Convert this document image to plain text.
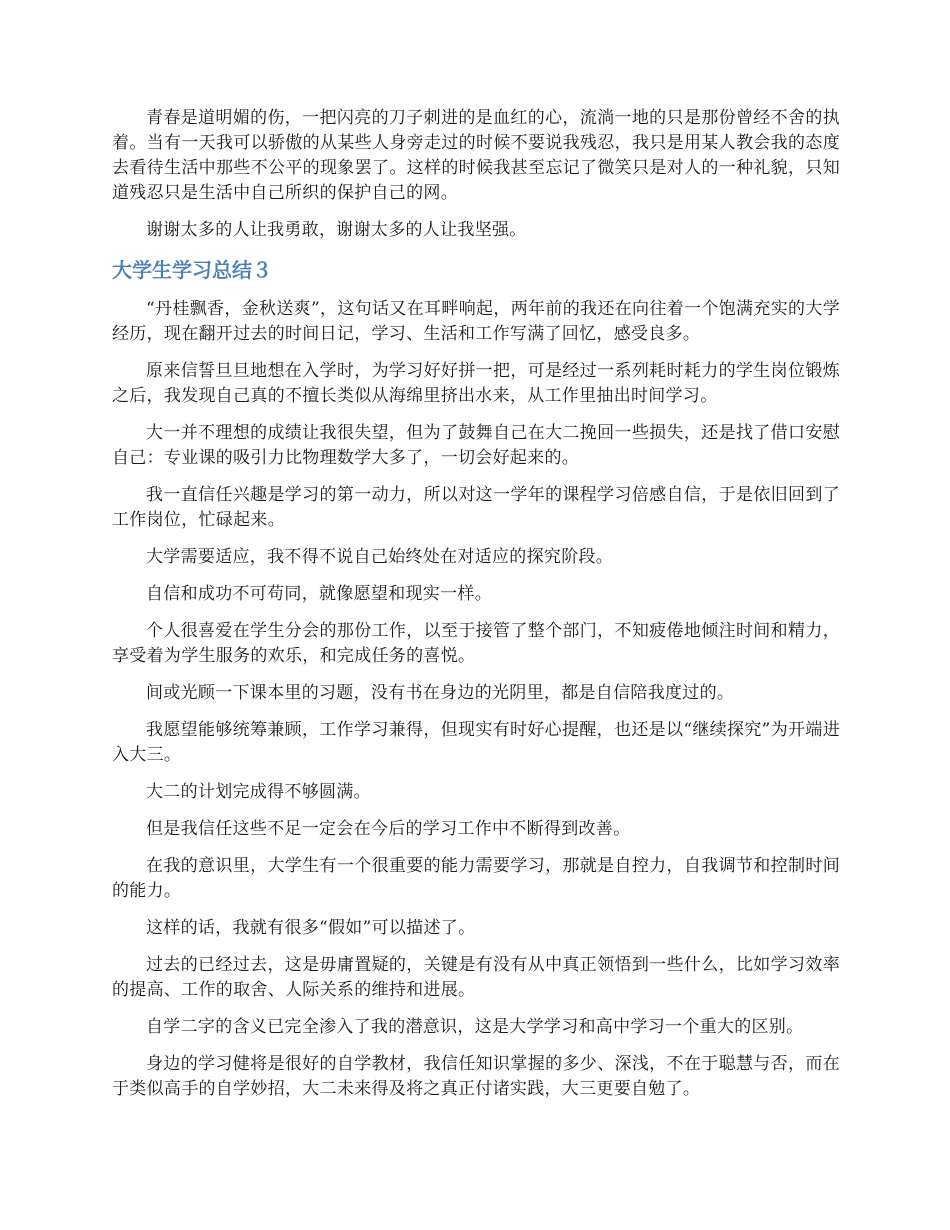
青春是道明媚的伤，一把闪亮的刀子刺进的是血红的心，流淌一地的只是那份曾经不舍的执着。当有一天我可以骄傲的从某些人身旁走过的时候不要说我残忍，我只是用某人教会我的态度去看待生活中那些不公平的现象罢了。这样的时候我甚至忘记了微笑只是对人的一种礼貌，只知道残忍只是生活中自己所织的保护自己的网。

谢谢太多的人让我勇敢，谢谢太多的人让我坚强。

大学生学习总结３

“丹桂飘香，金秋送爽”，这句话又在耳畔响起，两年前的我还在向往着一个饱满充实的大学经历，现在翻开过去的时间日记，学习、生活和工作写满了回忆，感受良多。

原来信誓旦旦地想在入学时，为学习好好拼一把，可是经过一系列耗时耗力的学生岗位锻炼之后，我发现自己真的不擅长类似从海绵里挤出水来，从工作里抽出时间学习。

大一并不理想的成绩让我很失望，但为了鼓舞自己在大二挽回一些损失，还是找了借口安慰自己：专业课的吸引力比物理数学大多了，一切会好起来的。

我一直信任兴趣是学习的第一动力，所以对这一学年的课程学习倍感自信，于是依旧回到了工作岗位，忙碌起来。

大学需要适应，我不得不说自己始终处在对适应的探究阶段。

自信和成功不可苟同，就像愿望和现实一样。

个人很喜爱在学生分会的那份工作，以至于接管了整个部门，不知疲倦地倾注时间和精力，享受着为学生服务的欢乐，和完成任务的喜悦。

间或光顾一下课本里的习题，没有书在身边的光阴里，都是自信陪我度过的。

我愿望能够统筹兼顾，工作学习兼得，但现实有时好心提醒，也还是以“继续探究”为开端进入大三。

大二的计划完成得不够圆满。

但是我信任这些不足一定会在今后的学习工作中不断得到改善。

在我的意识里，大学生有一个很重要的能力需要学习，那就是自控力，自我调节和控制时间的能力。

这样的话，我就有很多“假如”可以描述了。

过去的已经过去，这是毋庸置疑的，关键是有没有从中真正领悟到一些什么，比如学习效率的提高、工作的取舍、人际关系的维持和进展。

自学二字的含义已完全渗入了我的潜意识，这是大学学习和高中学习一个重大的区别。

身边的学习健将是很好的自学教材，我信任知识掌握的多少、深浅，不在于聪慧与否，而在于类似高手的自学妙招，大二未来得及将之真正付诸实践，大三更要自勉了。
